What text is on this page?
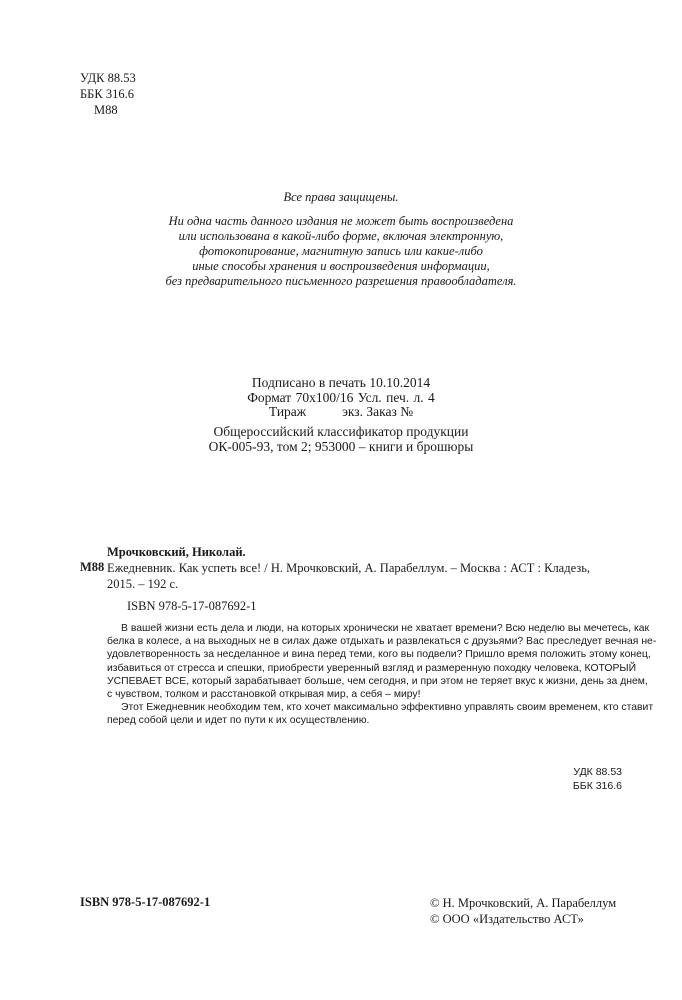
УДК 88.53
ББК 316.6
М88
Все права защищены.
Ни одна часть данного издания не может быть воспроизведена
или использована в какой-либо форме, включая электронную,
фотокопирование, магнитную запись или какие-либо
иные способы хранения и воспроизведения информации,
без предварительного письменного разрешения правообладателя.
Подписано в печать 10.10.2014
Формат 70x100/16 Усл. печ. л. 4
Тираж	экз. Заказ №
Общероссийский классификатор продукции
ОК-005-93, том 2; 953000 – книги и брошюры
Мрочковский, Николай.
М88 Ежедневник. Как успеть все! / Н. Мрочковский, А. Парабеллум. – Москва : АСТ : Кладезь,
2015. – 192 с.
ISBN 978-5-17-087692-1
В вашей жизни есть дела и люди, на которых хронически не хватает времени? Всю неделю вы мечетесь, как
белка в колесе, а на выходных не в силах даже отдыхать и развлекаться с друзьями? Вас преследует вечная не-
удовлетворенность за несделанное и вина перед теми, кого вы подвели? Пришло время положить этому конец,
избавиться от стресса и спешки, приобрести уверенный взгляд и размеренную походку человека, КОТОРЫЙ
УСПЕВАЕТ ВСЕ, который зарабатывает больше, чем сегодня, и при этом не теряет вкус к жизни, день за днем,
с чувством, толком и расстановкой открывая мир, а себя – миру!
Этот Ежедневник необходим тем, кто хочет максимально эффективно управлять своим временем, кто ставит
перед собой цели и идет по пути к их осуществлению.
УДК 88.53
ББК 316.6
ISBN 978-5-17-087692-1	© Н. Мрочковский, А. Парабеллум
© ООО «Издательство АСТ»
